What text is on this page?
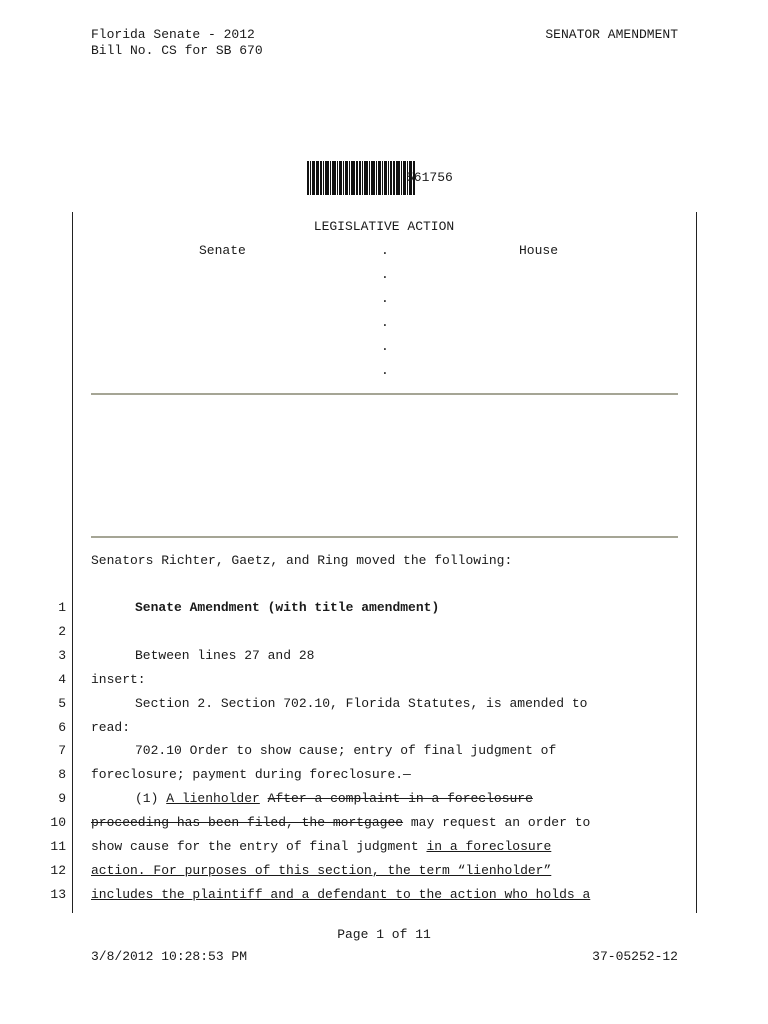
Florida Senate - 2012
Bill No. CS for SB 670
SENATOR AMENDMENT
561756
LEGISLATIVE ACTION
Senate	House
.
.
.
.
.
.
Senators Richter, Gaetz, and Ring moved the following:
1	Senate Amendment (with title amendment)
2
3	Between lines 27 and 28
4 insert:
5	Section 2. Section 702.10, Florida Statutes, is amended to
6 read:
7	702.10 Order to show cause; entry of final judgment of
8 foreclosure; payment during foreclosure.—
9	(1) A lienholder After a complaint in a foreclosure
10 proceeding has been filed, the mortgagee may request an order to
11 show cause for the entry of final judgment in a foreclosure
12 action. For purposes of this section, the term “lienholder”
13 includes the plaintiff and a defendant to the action who holds a
Page 1 of 11
3/8/2012 10:28:53 PM	37-05252-12
